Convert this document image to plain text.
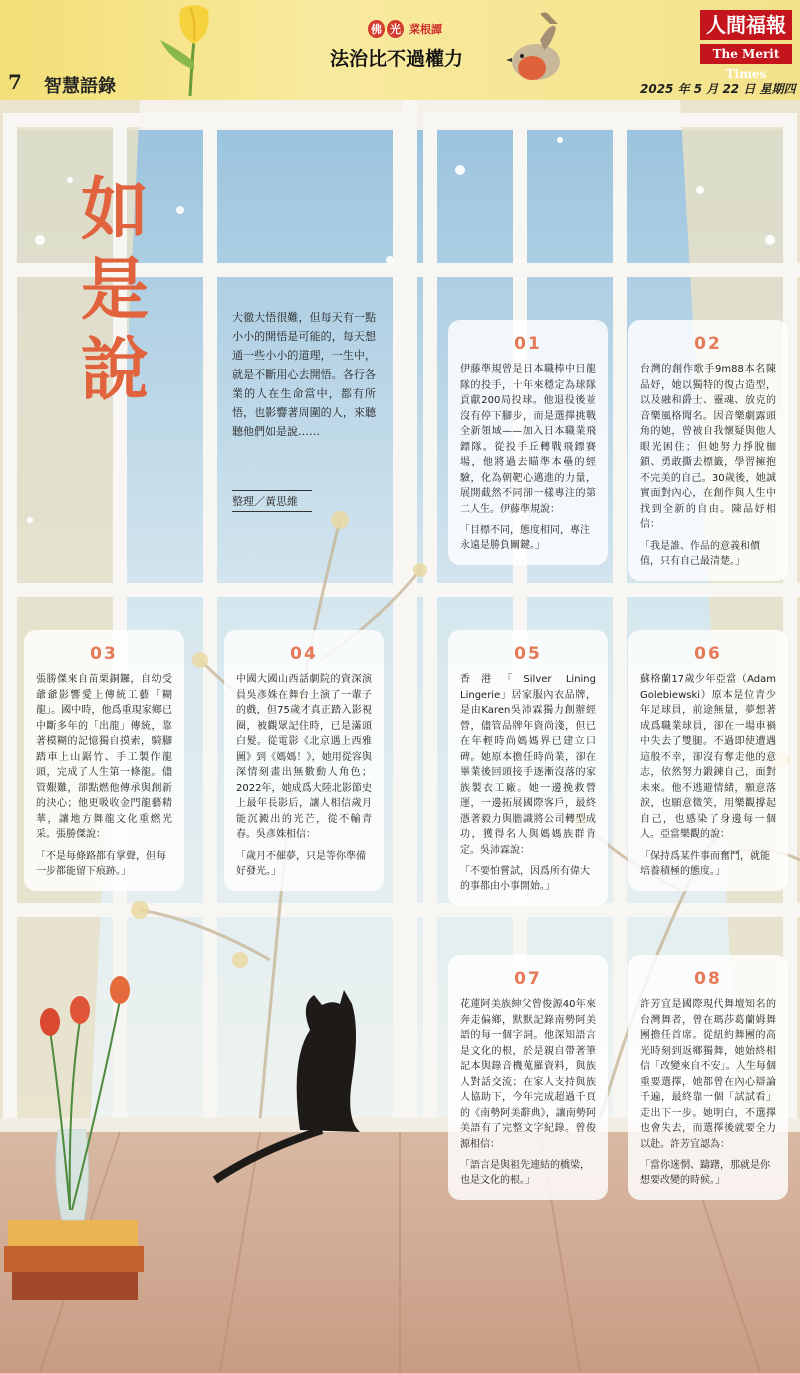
佛 光 菜根譚
法治比不過權力
人間福報
The Merit Times
7 智慧語錄	2025 年 5 月 22 日 星期四
如
是
說

大徹大悟很難，但每天有一點小小的開悟是可能的，每天想通一些小小的道理，一生中，就是不斷用心去開悟。各行各業的人在生命當中，都有所悟，也影響著周圍的人，來聽聽他們如是說……

整理／黃思維
01

伊藤準規曾是日本職棒中日龍隊的投手，十年來穩定為球隊貢獻200局投球。他退役後並沒有停下腳步，而是選擇挑戰全新領域——加入日本職業飛鏢隊。從投手丘轉戰飛鏢賽場，他將過去瞄準本壘的經驗，化為朝靶心邁進的力量，展開截然不同卻一樣專注的第二人生。伊藤準規說：

「目標不同，態度相同，專注永遠是勝負關鍵。」

02

台灣的創作歌手9m88本名陳品妤，她以獨特的復古造型，以及融和爵士、靈魂、放克的音樂風格聞名。因音樂劇露頭角的她，曾被自我懷疑與他人眼光困住；但她努力掙脫枷鎖、勇敢撕去標籤，學習擁抱不完美的自己。30歲後，她誠實面對內心，在創作與人生中找到全新的自由。陳品妤相信：

「我是誰、作品的意義和價值，只有自己最清楚。」

03

張勝傑來自苗栗銅鑼，自幼受爺爺影響愛上傳統工藝「糊龍」。國中時，他爲重現家鄉已中斷多年的「出龍」傳統，靠著模糊的記憶獨自摸索，騎腳踏車上山鋸竹、手工製作龍頭，完成了人生第一條龍。儘管艱難，卻點燃他傳承與創新的決心；他更吸收金門龍藝精華，讓地方舞龍文化重燃光采。張勝傑說：

「不是每條路都有掌聲，但每一步都能留下痕跡。」

04

中國大國山西話劇院的資深演員吳彥姝在舞台上演了一輩子的戲，但75歲才真正踏入影視圈，被觀眾記住時，已是滿頭白髮。從電影《北京遇上西雅圖》到《媽媽！》，她用從容與深情刻畫出無數動人角色；2022年，她成爲大陸北影節史上最年長影后，讓人相信歲月能沉澱出的光芒，從不輸青春。吳彥姝相信：

「歲月不催夢，只是等你準備好發光。」

05

香港「Silver Lining Lingerie」居家服內衣品牌，是由Karen吳沛霖獨力創辦經營，儘管品牌年資尚淺，但已在年輕時尚媽媽界已建立口碑。她原本擔任時尚業，卻在畢業後回頭接手逐漸沒落的家族製衣工廠。她一邊挽救營運，一邊拓展國際客戶，最終憑著毅力與膽識將公司轉型成功，獲得名人與媽媽族群肯定。吳沛霖說：

「不要怕嘗試，因爲所有偉大的事都由小事開始。」

06

蘇格蘭17歲少年亞當（Adam Golebiewski）原本是位青少年足球員，前途無量，夢想著成爲職業球員，卻在一場車禍中失去了雙腿。不過即使遭遇這般不幸，卻沒有奪走他的意志，依然努力鍛鍊自己，面對未來。他不逃避情緒，願意落淚，也願意微笑，用樂觀撐起自己，也感染了身邊每一個人。亞當樂觀的說：

「保持爲某件事而奮鬥，就能培養積極的態度。」

07

花蓮阿美族紳父曾俊源40年來奔走偏鄉，默默記錄南勢阿美語的每一個字詞。他深知語言是文化的根，於是親自帶著筆記本與錄音機蒐羅資料，與族人對話交流；在家人支持與族人協助下，今年完成超過千頁的《南勢阿美辭典》，讓南勢阿美語有了完整文字紀錄。曾俊源相信：

「語言是與祖先連結的橋梁，也是文化的根。」

08

許芳宜是國際現代舞壇知名的台灣舞者，曾在瑪莎葛蘭姆舞團擔任首席。從紐約舞團的高光時刻到返鄉獨舞，她始終相信「改變來自不安」。人生每個重要選擇，她都曾在內心辯論千遍，最終靠一個「試試看」走出下一步。她明白，不選擇也會失去，而選擇後就要全力以赴。許芳宜認為：

「當你迷惘、躊躇，那就是你想要改變的時候。」
